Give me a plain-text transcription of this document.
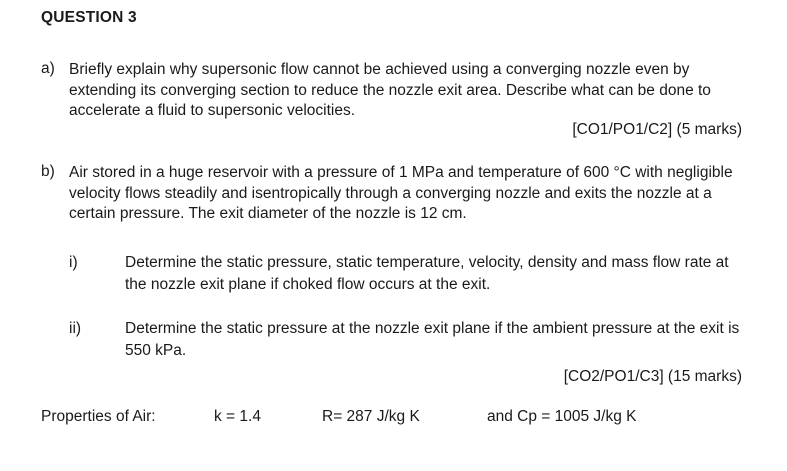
QUESTION 3
a) Briefly explain why supersonic flow cannot be achieved using a converging nozzle even by extending its converging section to reduce the nozzle exit area. Describe what can be done to accelerate a fluid to supersonic velocities.
[CO1/PO1/C2] (5 marks)
b) Air stored in a huge reservoir with a pressure of 1 MPa and temperature of 600 °C with negligible velocity flows steadily and isentropically through a converging nozzle and exits the nozzle at a certain pressure. The exit diameter of the nozzle is 12 cm.
i)	Determine the static pressure, static temperature, velocity, density and mass flow rate at the nozzle exit plane if choked flow occurs at the exit.
ii)	Determine the static pressure at the nozzle exit plane if the ambient pressure at the exit is 550 kPa.
[CO2/PO1/C3] (15 marks)
Properties of Air:	k = 1.4	R= 287 J/kg K	and Cp = 1005 J/kg K
